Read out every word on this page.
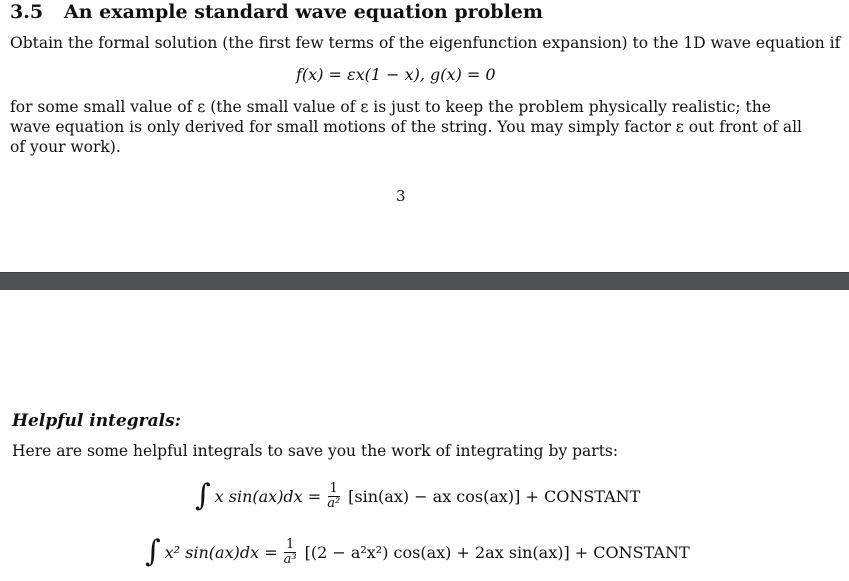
3.5 An example standard wave equation problem
Obtain the formal solution (the first few terms of the eigenfunction expansion) to the 1D wave equation if
f(x) = εx(1 − x), g(x) = 0
for some small value of ε (the small value of ε is just to keep the problem physically realistic; the wave equation is only derived for small motions of the string. You may simply factor ε out front of all of your work).
3
Helpful integrals:
Here are some helpful integrals to save you the work of integrating by parts:
∫ x $\sin(ax)dx = \frac{1}{\text{a²}} [\sin(ax)$ − ax cos(ax)] + CONSTANT
∫ x² $\sin(ax)dx = \frac{1}{\text{a³}} [(2 - a^2x^2) \cos(ax) + 2ax$ sin(ax)] + CONSTANT
